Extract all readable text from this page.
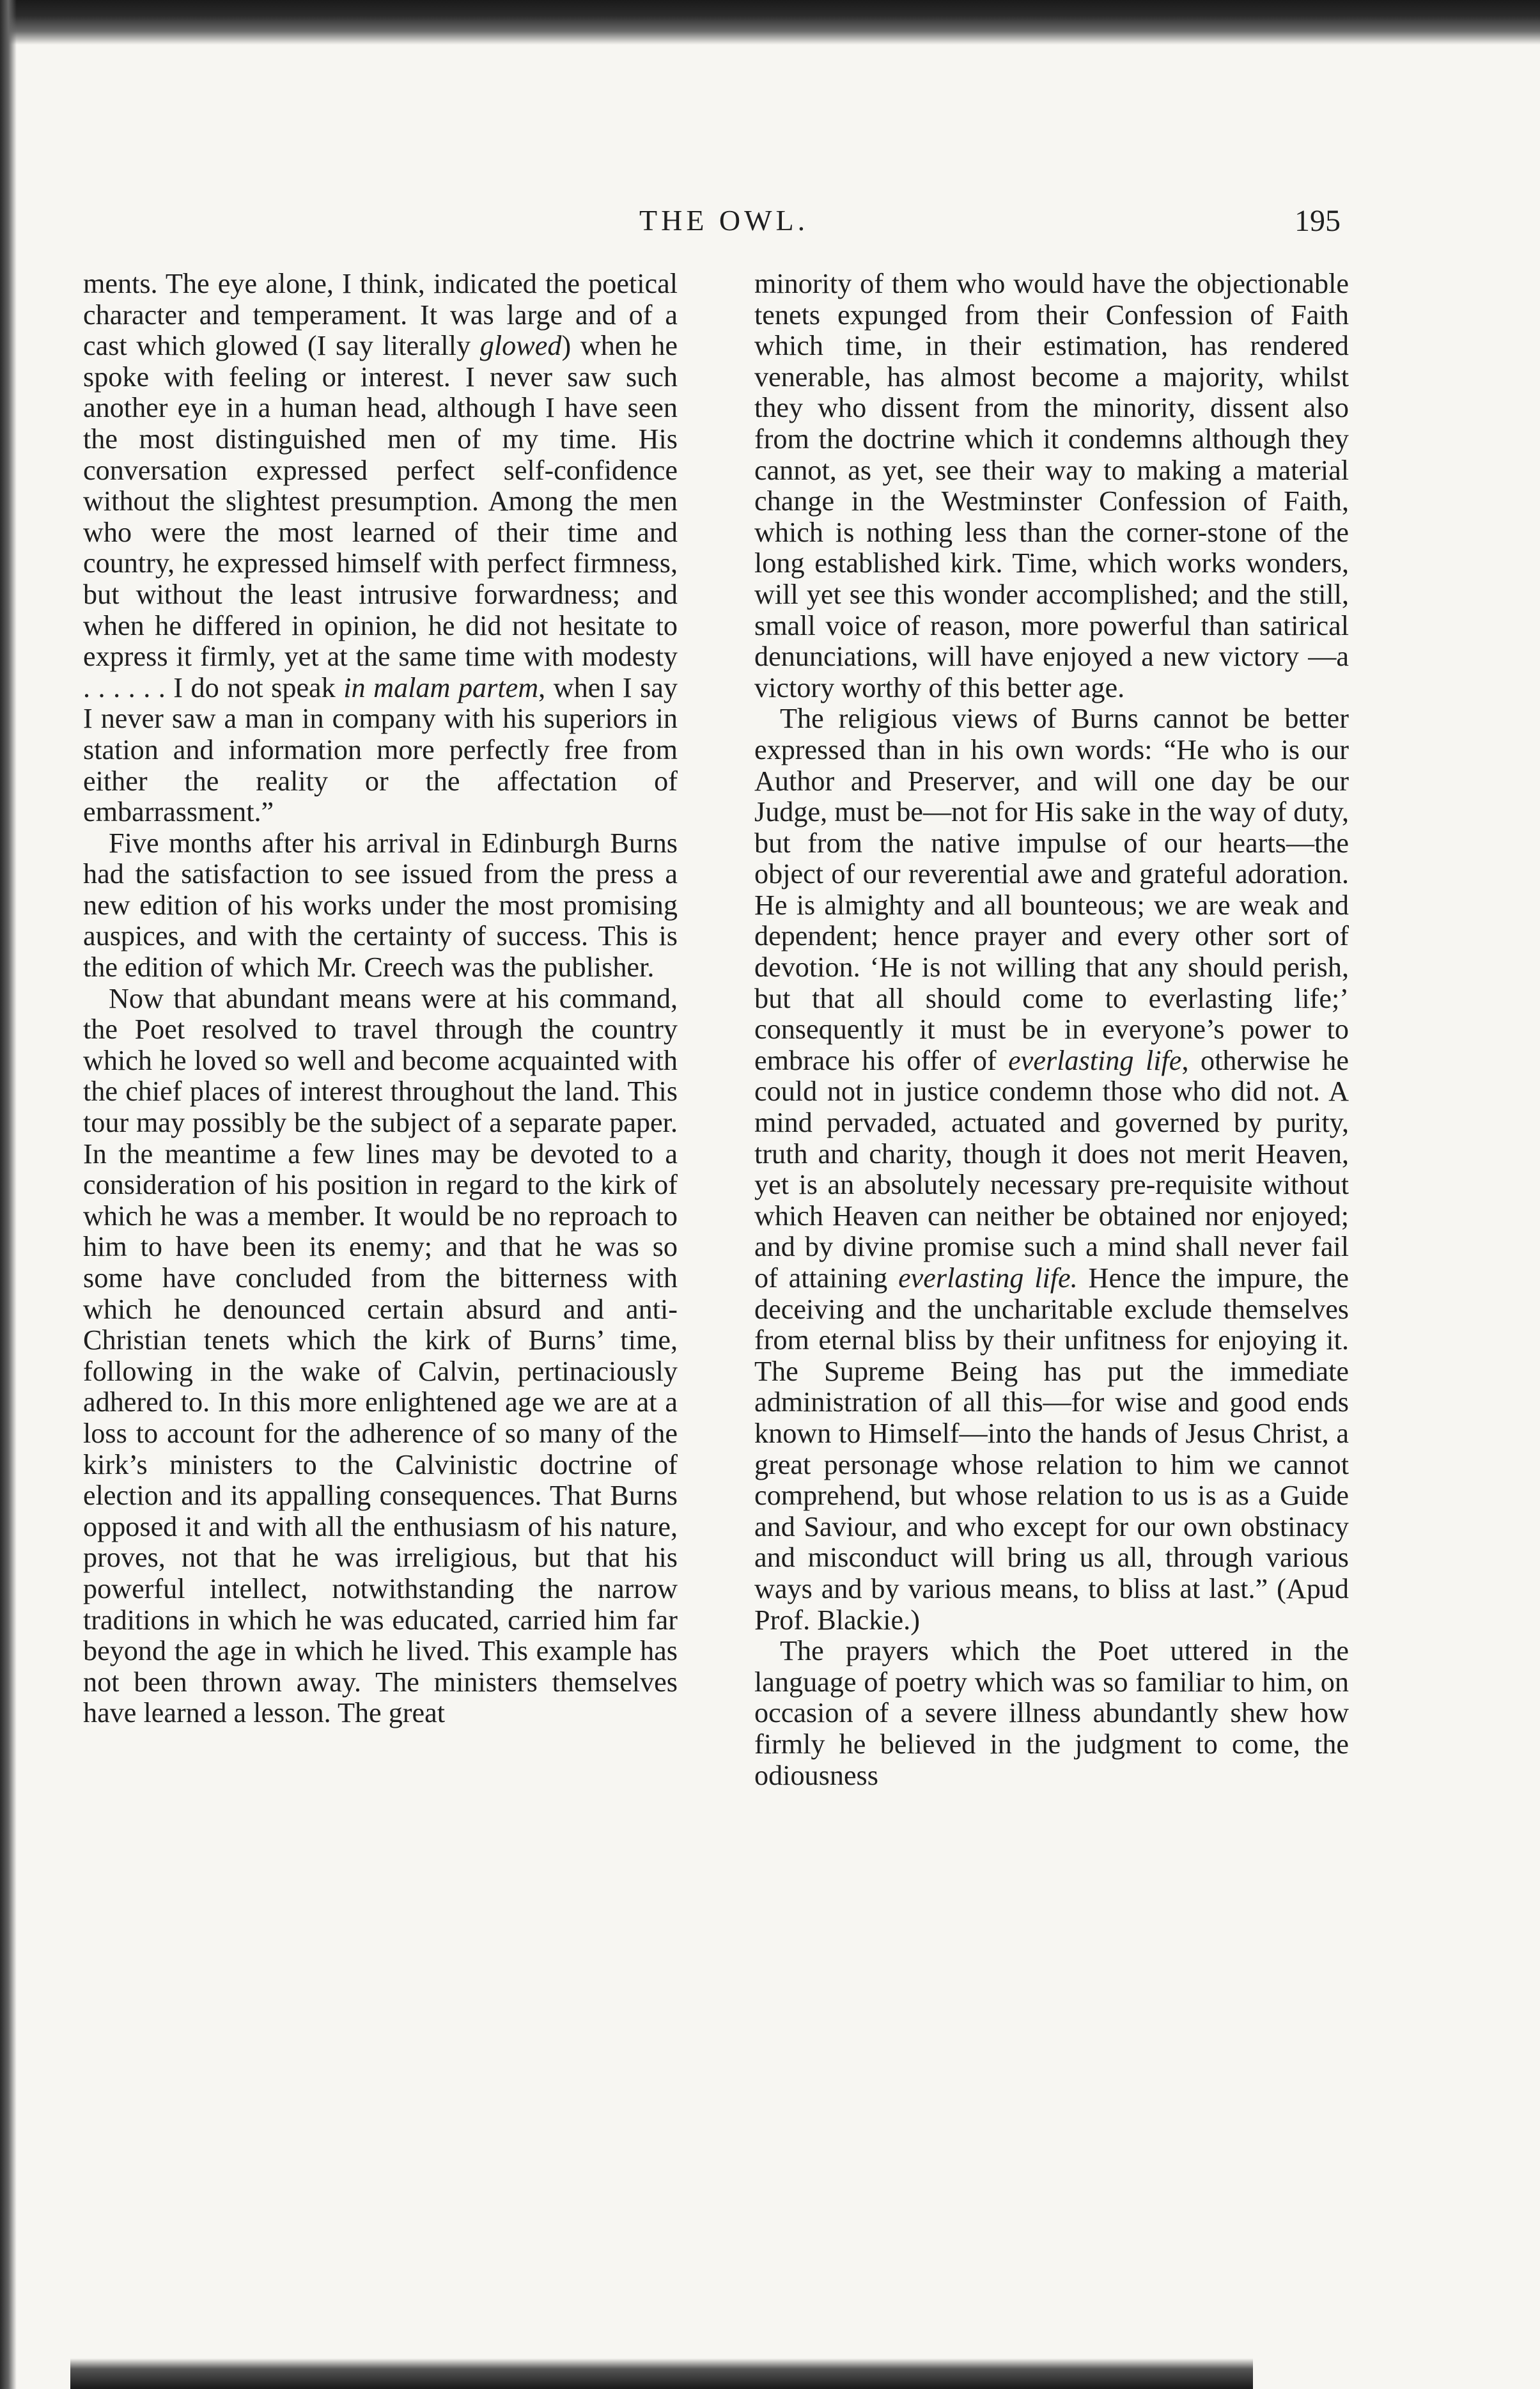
THE OWL.	195

ments. The eye alone, I think, indicated the poetical character and temperament. It was large and of a cast which glowed (I say literally glowed) when he spoke with feeling or interest. I never saw such another eye in a human head, although I have seen the most distinguished men of my time. His conversation expressed perfect self-confidence without the slightest presumption. Among the men who were the most learned of their time and country, he expressed himself with perfect firmness, but without the least intrusive forwardness; and when he differed in opinion, he did not hesitate to express it firmly, yet at the same time with modesty . . . . . . I do not speak in malam partem, when I say I never saw a man in company with his superiors in station and information more perfectly free from either the reality or the affectation of embarrassment.”

Five months after his arrival in Edinburgh Burns had the satisfaction to see issued from the press a new edition of his works under the most promising auspices, and with the certainty of success. This is the edition of which Mr. Creech was the publisher.

Now that abundant means were at his command, the Poet resolved to travel through the country which he loved so well and become acquainted with the chief places of interest throughout the land. This tour may possibly be the subject of a separate paper. In the meantime a few lines may be devoted to a consideration of his position in regard to the kirk of which he was a member. It would be no reproach to him to have been its enemy; and that he was so some have concluded from the bitterness with which he denounced certain absurd and anti-Christian tenets which the kirk of Burns’ time, following in the wake of Calvin, pertinaciously adhered to. In this more enlightened age we are at a loss to account for the adherence of so many of the kirk’s ministers to the Calvinistic doctrine of election and its appalling consequences. That Burns opposed it and with all the enthusiasm of his nature, proves, not that he was irreligious, but that his powerful intellect, notwithstanding the narrow traditions in which he was educated, carried him far beyond the age in which he lived. This example has not been thrown away. The ministers themselves have learned a lesson. The great

minority of them who would have the objectionable tenets expunged from their Confession of Faith which time, in their estimation, has rendered venerable, has almost become a majority, whilst they who dissent from the minority, dissent also from the doctrine which it condemns although they cannot, as yet, see their way to making a material change in the Westminster Confession of Faith, which is nothing less than the corner-stone of the long established kirk. Time, which works wonders, will yet see this wonder accomplished; and the still, small voice of reason, more powerful than satirical denunciations, will have enjoyed a new victory —a victory worthy of this better age.

The religious views of Burns cannot be better expressed than in his own words: “He who is our Author and Preserver, and will one day be our Judge, must be—not for His sake in the way of duty, but from the native impulse of our hearts—the object of our reverential awe and grateful adoration. He is almighty and all bounteous; we are weak and dependent; hence prayer and every other sort of devotion. ‘He is not willing that any should perish, but that all should come to everlasting life;’ consequently it must be in everyone’s power to embrace his offer of everlasting life, otherwise he could not in justice condemn those who did not. A mind pervaded, actuated and governed by purity, truth and charity, though it does not merit Heaven, yet is an absolutely necessary pre-requisite without which Heaven can neither be obtained nor enjoyed; and by divine promise such a mind shall never fail of attaining everlasting life. Hence the impure, the deceiving and the uncharitable exclude themselves from eternal bliss by their unfitness for enjoying it. The Supreme Being has put the immediate administration of all this—for wise and good ends known to Himself—into the hands of Jesus Christ, a great personage whose relation to him we cannot comprehend, but whose relation to us is as a Guide and Saviour, and who except for our own obstinacy and misconduct will bring us all, through various ways and by various means, to bliss at last.” (Apud Prof. Blackie.)

The prayers which the Poet uttered in the language of poetry which was so familiar to him, on occasion of a severe illness abundantly shew how firmly he believed in the judgment to come, the odiousness
